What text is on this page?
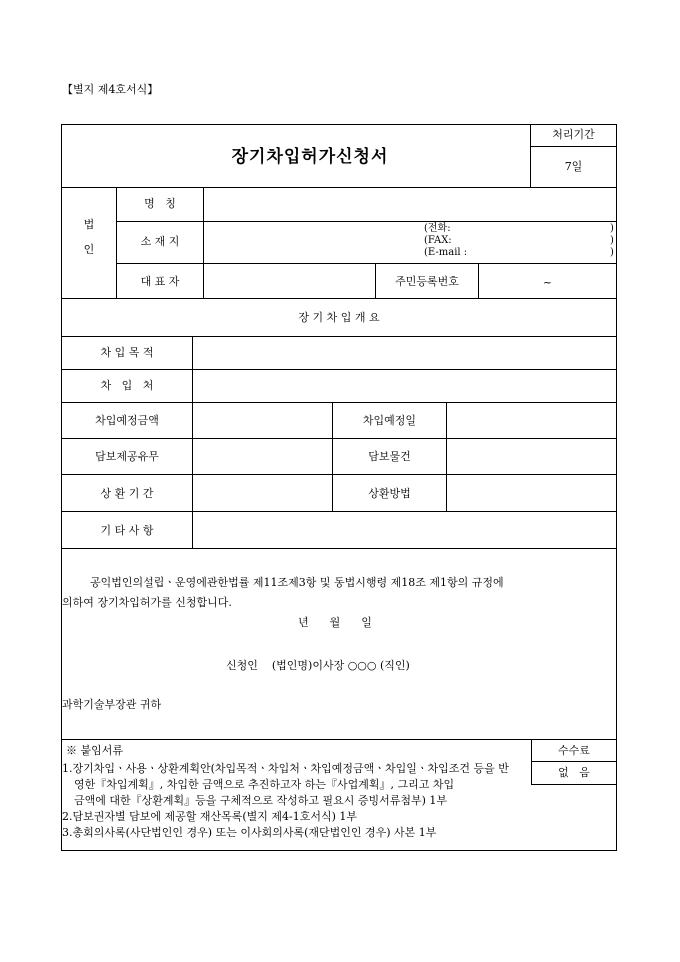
【별지 제4호서식】
장기차입허가신청서
처리기간
7일
법

인
명   칭
소 재 지
(전화:	)
(FAX:	)
(E-mail :	)
대 표 자	주민등록번호	~
장 기 차 입 개 요
차 입 목 적
차   입   처
차입예정금액	차입예정일
담보제공유무	담보물건
상 환 기 간	상환방법
기 타 사 항
공익법인의설립ㆍ운영에관한법률 제11조제3항 및 동법시행령 제18조 제1항의 규정에
의하여 장기차입허가를 신청합니다.
년      월      일
신청인    (법인명)이사장 ○○○ (직인)
과학기술부장관 귀하
※ 붙임서류	수수료
없   음
1.장기차입ㆍ사용ㆍ상환계획안(차입목적ㆍ차입처ㆍ차입예정금액ㆍ차입일ㆍ차입조건 등을 반
영한『차입계획』, 차입한 금액으로 추진하고자 하는『사업계획』, 그리고 차입
금액에 대한『상환계획』등을 구체적으로 작성하고 필요시 증빙서류첨부) 1부
2.담보권자별 담보에 제공할 재산목록(별지 제4-1호서식) 1부
3.총회의사록(사단법인인 경우) 또는 이사회의사록(재단법인인 경우) 사본 1부
